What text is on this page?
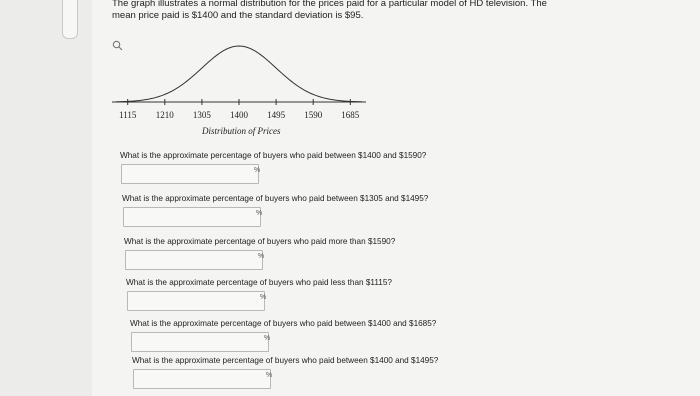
The graph illustrates a normal distribution for the prices paid for a particular model of HD television. The
mean price paid is $1400 and the standard deviation is $95.
1115 1210 1305 1400 1495 1590 1685
Distribution of Prices
What is the approximate percentage of buyers who paid between $1400 and $1590?
%
What is the approximate percentage of buyers who paid between $1305 and $1495?
%
What is the approximate percentage of buyers who paid more than $1590?
%
What is the approximate percentage of buyers who paid less than $1115?
%
What is the approximate percentage of buyers who paid between $1400 and $1685?
%
What is the approximate percentage of buyers who paid between $1400 and $1495?
%
